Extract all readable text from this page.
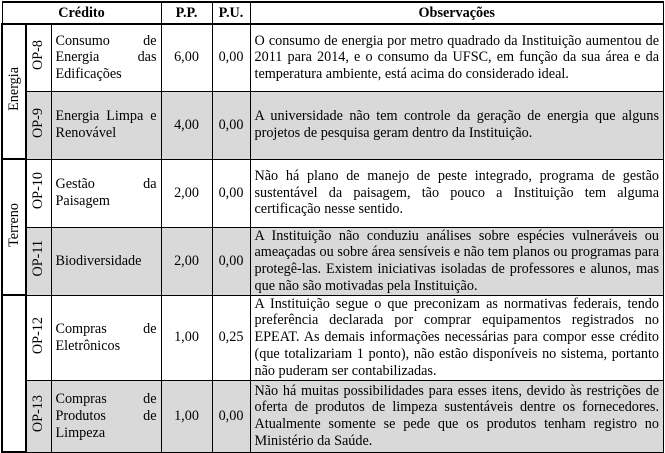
Crédito			P.P.	P.U.	Observações
Energia	OP-8	Consumo de Energia das Edificações	6,00	0,00	O consumo de energia por metro quadrado da Instituição aumentou de 2011 para 2014, e o consumo da UFSC, em função da sua área e da temperatura ambiente, está acima do considerado ideal.
	OP-9	Energia Limpa e Renovável	4,00	0,00	A universidade não tem controle da geração de energia que alguns projetos de pesquisa geram dentro da Instituição.
Terreno	OP-10	Gestão da Paisagem	2,00	0,00	Não há plano de manejo de peste integrado, programa de gestão sustentável da paisagem, tão pouco a Instituição tem alguma certificação nesse sentido.
	OP-11	Biodiversidade	2,00	0,00	A Instituição não conduziu análises sobre espécies vulneráveis ou ameaçadas ou sobre área sensíveis e não tem planos ou programas para protegê-las. Existem iniciativas isoladas de professores e alunos, mas que não são motivadas pela Instituição.
	OP-12	Compras de Eletrônicos	1,00	0,25	A Instituição segue o que preconizam as normativas federais, tendo preferência declarada por comprar equipamentos registrados no EPEAT. As demais informações necessárias para compor esse crédito (que totalizariam 1 ponto), não estão disponíveis no sistema, portanto não puderam ser contabilizadas.
	OP-13	Compras de Produtos de Limpeza	1,00	0,00	Não há muitas possibilidades para esses itens, devido às restrições de oferta de produtos de limpeza sustentáveis dentre os fornecedores. Atualmente somente se pede que os produtos tenham registro no Ministério da Saúde.
